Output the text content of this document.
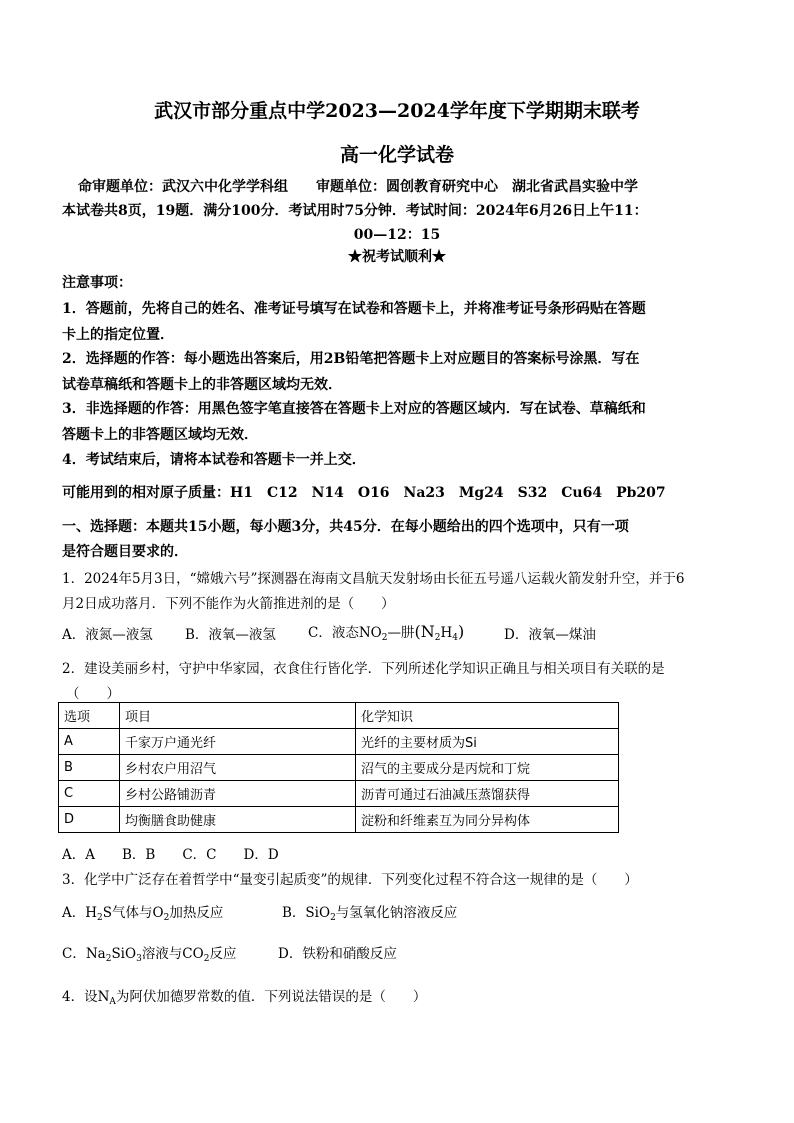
武汉市部分重点中学2023—2024学年度下学期期末联考
高一化学试卷
命审题单位：武汉六中化学学科组　　审题单位：圆创教育研究中心　湖北省武昌实验中学
本试卷共8页，19题．满分100分．考试用时75分钟．考试时间：2024年6月26日上午11：
00—12：15
★祝考试顺利★
注意事项：
1．答题前，先将自己的姓名、准考证号填写在试卷和答题卡上，并将准考证号条形码贴在答题
卡上的指定位置．
2．选择题的作答：每小题选出答案后，用2B铅笔把答题卡上对应题目的答案标号涂黑．写在
试卷草稿纸和答题卡上的非答题区域均无效．
3．非选择题的作答：用黑色签字笔直接答在答题卡上对应的答题区域内．写在试卷、草稿纸和
答题卡上的非答题区域均无效．
4．考试结束后，请将本试卷和答题卡一并上交．
可能用到的相对原子质量：H1　C12　N14　O16　Na23　Mg24　S32　Cu64　Pb207
一、选择题：本题共15小题，每小题3分，共45分．在每小题给出的四个选项中，只有一项
是符合题目要求的．
1．2024年5月3日，“嫦娥六号”探测器在海南文昌航天发射场由长征五号遥八运载火箭发射升空，并于6
月2日成功落月．下列不能作为火箭推进剂的是（　　）
A．液氮—液氢 B．液氧—液氢 C．液态$NO_2—$肼$(N_2H_4)$	D．液氧—煤油
2．建设美丽乡村，守护中华家园，衣食住行皆化学．下列所述化学知识正确且与相关项目有关联的是
（　　）
选项	项目	化学知识
A	千家万户通光纤	光纤的主要材质为Si
B	乡村农户用沼气	沼气的主要成分是丙烷和丁烷
C	乡村公路铺沥青	沥青可通过石油减压蒸馏获得
D	均衡膳食助健康	淀粉和纤维素互为同分异构体
A．A　　B．B　　C．C　　D．D
3．化学中广泛存在着哲学中“量变引起质变”的规律．下列变化过程不符合这一规律的是（　　）
A．$H_2S$气体与$O_2$加热反应	B．SiO$_2$与氢氧化钠溶液反应
C．$Na_2SiO_3$溶液与$CO_2$反应	D．铁粉和硝酸反应
4．设$N_A$为阿伏加德罗常数的值．下列说法错误的是（　　）
